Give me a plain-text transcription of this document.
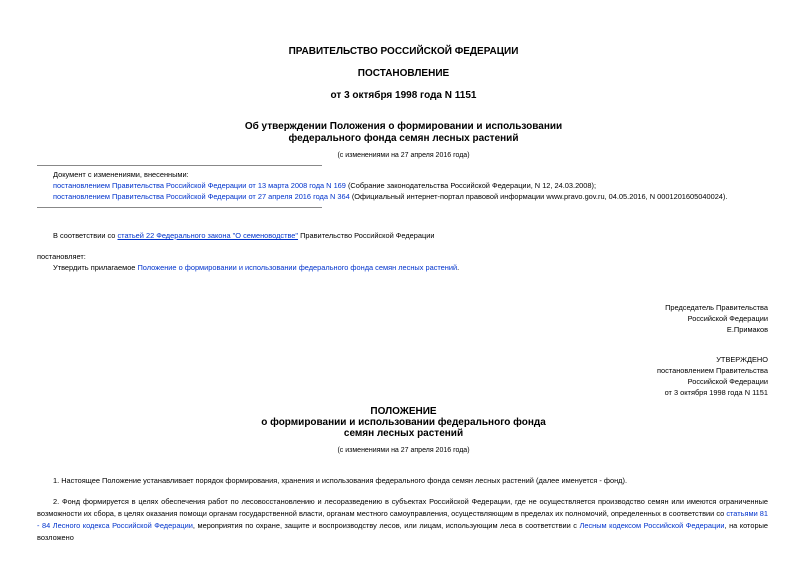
ПРАВИТЕЛЬСТВО РОССИЙСКОЙ ФЕДЕРАЦИИ
ПОСТАНОВЛЕНИЕ
от 3 октября 1998 года N 1151
Об утверждении Положения о формировании и использовании
федерального фонда семян лесных растений
(с изменениями на 27 апреля 2016 года)
Документ с изменениями, внесенными:
постановлением Правительства Российской Федерации от 13 марта 2008 года N 169 (Собрание законодательства Российской Федерации, N 12, 24.03.2008);
постановлением Правительства Российской Федерации от 27 апреля 2016 года N 364 (Официальный интернет-портал правовой информации www.pravo.gov.ru, 04.05.2016, N 0001201605040024).
В соответствии со статьей 22 Федерального закона "О семеноводстве" Правительство Российской Федерации
постановляет:
Утвердить прилагаемое Положение о формировании и использовании федерального фонда семян лесных растений.
Председатель Правительства
Российской Федерации
Е.Примаков
УТВЕРЖДЕНО
постановлением Правительства
Российской Федерации
от 3 октября 1998 года N 1151
ПОЛОЖЕНИЕ
о формировании и использовании федерального фонда
семян лесных растений
(с изменениями на 27 апреля 2016 года)
1. Настоящее Положение устанавливает порядок формирования, хранения и использования федерального фонда семян лесных растений (далее именуется - фонд).
2. Фонд формируется в целях обеспечения работ по лесовосстановлению и лесоразведению в субъектах Российской Федерации, где не осуществляется производство семян или имеются ограниченные возможности их сбора, в целях оказания помощи органам государственной власти, органам местного самоуправления, осуществляющим в пределах их полномочий, определенных в соответствии со статьями 81 - 84 Лесного кодекса Российской Федерации, мероприятия по охране, защите и воспроизводству лесов, или лицам, использующим леса в соответствии с Лесным кодексом Российской Федерации, на которые возложено
